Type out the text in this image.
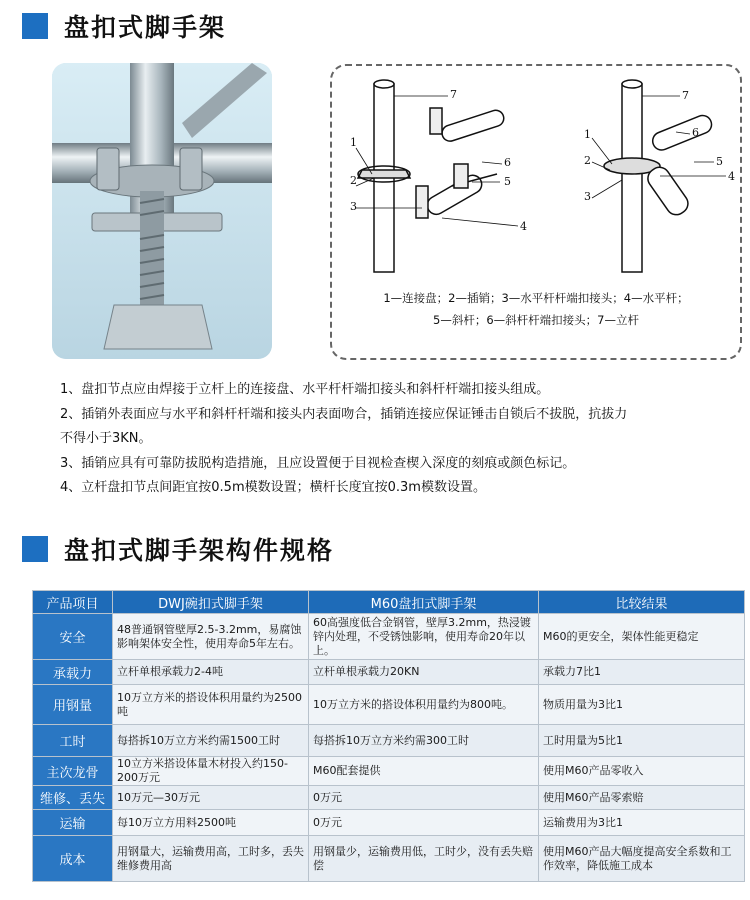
盘扣式脚手架
7
1
2
3
4
5
6
7
1
2
3
4
5
6
1—连接盘；2—插销；3—水平杆杆端扣接头；4—水平杆；
5—斜杆；6—斜杆杆端扣接头；7—立杆

1、盘扣节点应由焊接于立杆上的连接盘、水平杆杆端扣接头和斜杆杆端扣接头组成。

2、插销外表面应与水平和斜杆杆端和接头内表面吻合，插销连接应保证锤击自锁后不拔脱，抗拔力

不得小于3KN。

3、插销应具有可靠防拔脱构造措施，且应设置便于目视检查楔入深度的刻痕或颜色标记。

4、立杆盘扣节点间距宜按0.5m模数设置；横杆长度宜按0.3m模数设置。

盘扣式脚手架构件规格
产品项目	DWJ碗扣式脚手架	M60盘扣式脚手架	比较结果
安全	48普通钢管壁厚2.5-3.2mm，易腐蚀影响架体安全性，使用寿命5年左右。	60高强度低合金钢管，壁厚3.2mm，热浸镀锌内处理，不受锈蚀影响，使用寿命20年以上。	M60的更安全，架体性能更稳定
承载力	立杆单根承载力2-4吨	立杆单根承载力20KN	承载力7比1
用钢量	10万立方米的搭设体积用量约为2500吨	10万立方米的搭设体积用量约为800吨。	物质用量为3比1
工时	每搭拆10万立方米约需1500工时	每搭拆10万立方米约需300工时	工时用量为5比1
主次龙骨	10立方米搭设体量木材投入约150-200万元	M60配套提供	使用M60产品零收入
维修、丢失	10万元—30万元	0万元	使用M60产品零索赔
运输	每10万立方用料2500吨	0万元	运输费用为3比1
成本	用钢量大，运输费用高，工时多，丢失维修费用高	用钢量少，运输费用低，工时少，没有丢失赔偿	使用M60产品大幅度提高安全系数和工作效率，降低施工成本
